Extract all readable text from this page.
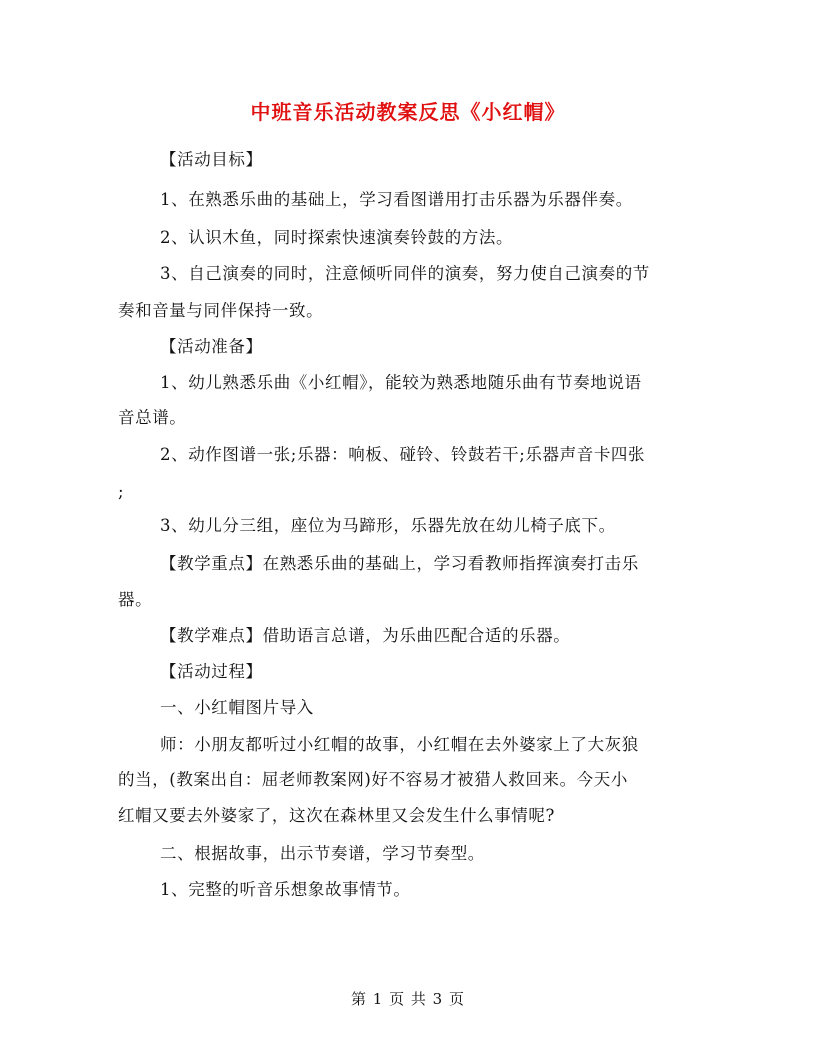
中班音乐活动教案反思《小红帽》
【活动目标】
1、在熟悉乐曲的基础上，学习看图谱用打击乐器为乐器伴奏。
2、认识木鱼，同时探索快速演奏铃鼓的方法。
3、自己演奏的同时，注意倾听同伴的演奏，努力使自己演奏的节
奏和音量与同伴保持一致。
【活动准备】
1、幼儿熟悉乐曲《小红帽》，能较为熟悉地随乐曲有节奏地说语
音总谱。
2、动作图谱一张;乐器：响板、碰铃、铃鼓若干;乐器声音卡四张
;
3、幼儿分三组，座位为马蹄形，乐器先放在幼儿椅子底下。
【教学重点】在熟悉乐曲的基础上，学习看教师指挥演奏打击乐
器。
【教学难点】借助语言总谱，为乐曲匹配合适的乐器。
【活动过程】
一、小红帽图片导入
师：小朋友都听过小红帽的故事，小红帽在去外婆家上了大灰狼
的当，(教案出自：屈老师教案网)好不容易才被猎人救回来。今天小
红帽又要去外婆家了，这次在森林里又会发生什么事情呢?
二、根据故事，出示节奏谱，学习节奏型。
1、完整的听音乐想象故事情节。
第 1 页 共 3 页
